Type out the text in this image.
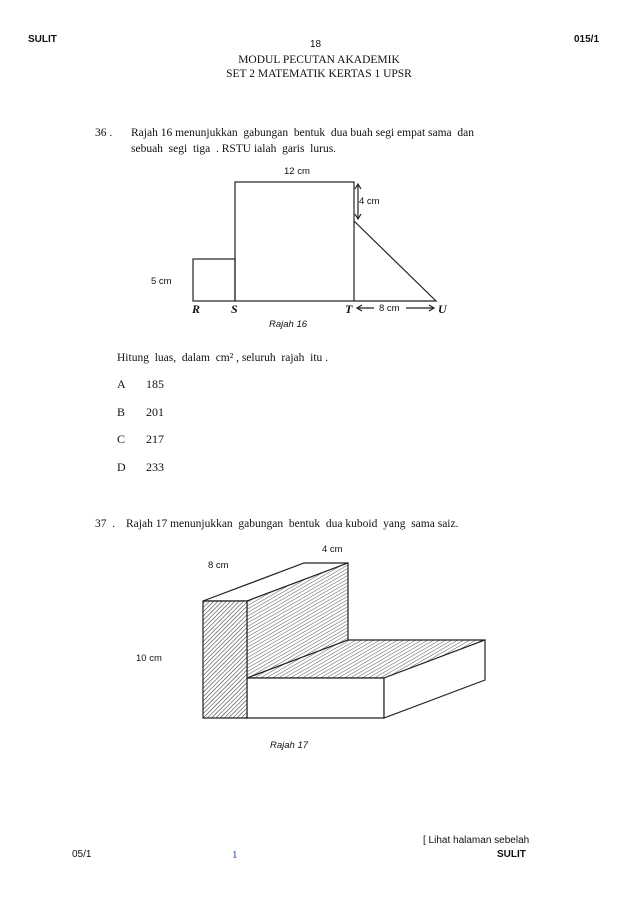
SULIT	015/1
18
MODUL PECUTAN AKADEMIK
SET 2 MATEMATIK KERTAS 1 UPSR
36 . Rajah 16 menunjukkan  gabungan  bentuk  dua buah segi empat sama  dan
sebuah  segi  tiga  . RSTU ialah  garis  lurus.
12 cm
4 cm
5 cm
8 cm
R	S	T	U
Rajah 16
Hitung  luas,  dalam  cm² , seluruh  rajah  itu .
A 185
B 201
C 217
D 233
37  . Rajah 17 menunjukkan  gabungan  bentuk  dua kuboid  yang  sama saiz.
4 cm
8 cm
10 cm
Rajah 17
[ Lihat halaman sebelah
05/1	1	SULIT
